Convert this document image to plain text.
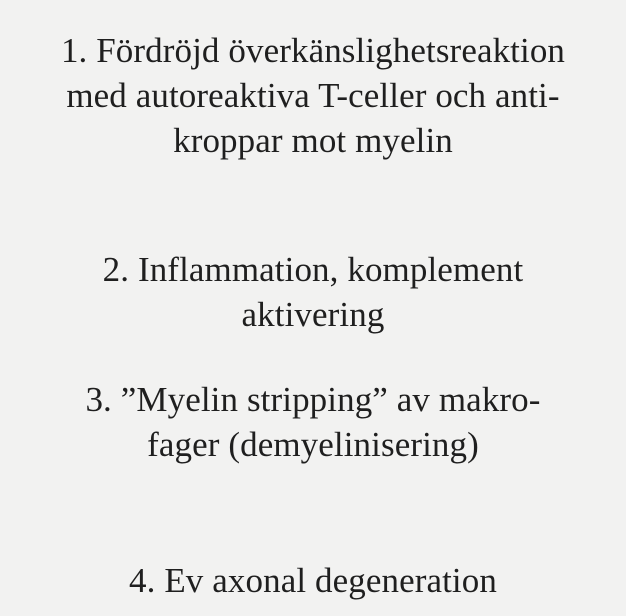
1. Fördröjd överkänslighetsreaktion
med autoreaktiva T-celler och anti-
kroppar mot myelin
2. Inflammation, komplement
aktivering
3. ”Myelin stripping” av makro-
fager (demyelinisering)
4. Ev axonal degeneration
